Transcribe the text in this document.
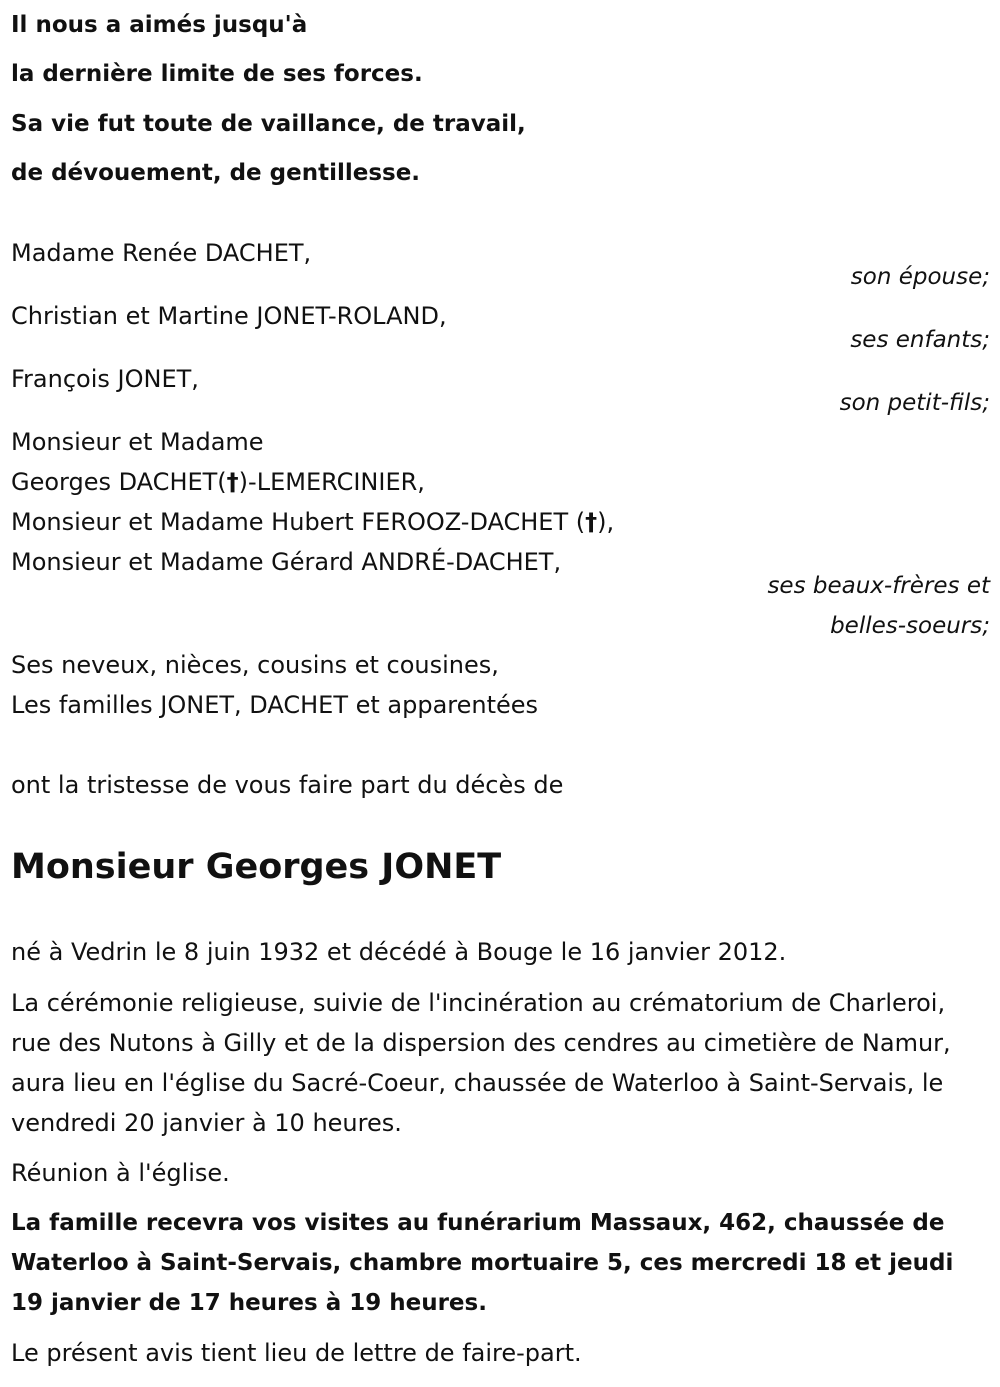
Il nous a aimés jusqu'à
la dernière limite de ses forces.
Sa vie fut toute de vaillance, de travail,
de dévouement, de gentillesse.
Madame Renée DACHET,
son épouse;
Christian et Martine JONET-ROLAND,
ses enfants;
François JONET,
son petit-fils;
Monsieur et Madame
Georges DACHET(†)-LEMERCINIER,
Monsieur et Madame Hubert FEROOZ-DACHET (†),
Monsieur et Madame Gérard ANDRÉ-DACHET,
ses beaux-frères et
belles-soeurs;
Ses neveux, nièces, cousins et cousines,
Les familles JONET, DACHET et apparentées
ont la tristesse de vous faire part du décès de
Monsieur Georges JONET
né à Vedrin le 8 juin 1932 et décédé à Bouge le 16 janvier 2012.
La cérémonie religieuse, suivie de l'incinération au crématorium de Charleroi, rue des Nutons à Gilly et de la dispersion des cendres au cimetière de Namur, aura lieu en l'église du Sacré-Coeur, chaussée de Waterloo à Saint-Servais, le vendredi 20 janvier à 10 heures.
Réunion à l'église.
La famille recevra vos visites au funérarium Massaux, 462, chaussée de Waterloo à Saint-Servais, chambre mortuaire 5, ces mercredi 18 et jeudi 19 janvier de 17 heures à 19 heures.
Le présent avis tient lieu de lettre de faire-part.
